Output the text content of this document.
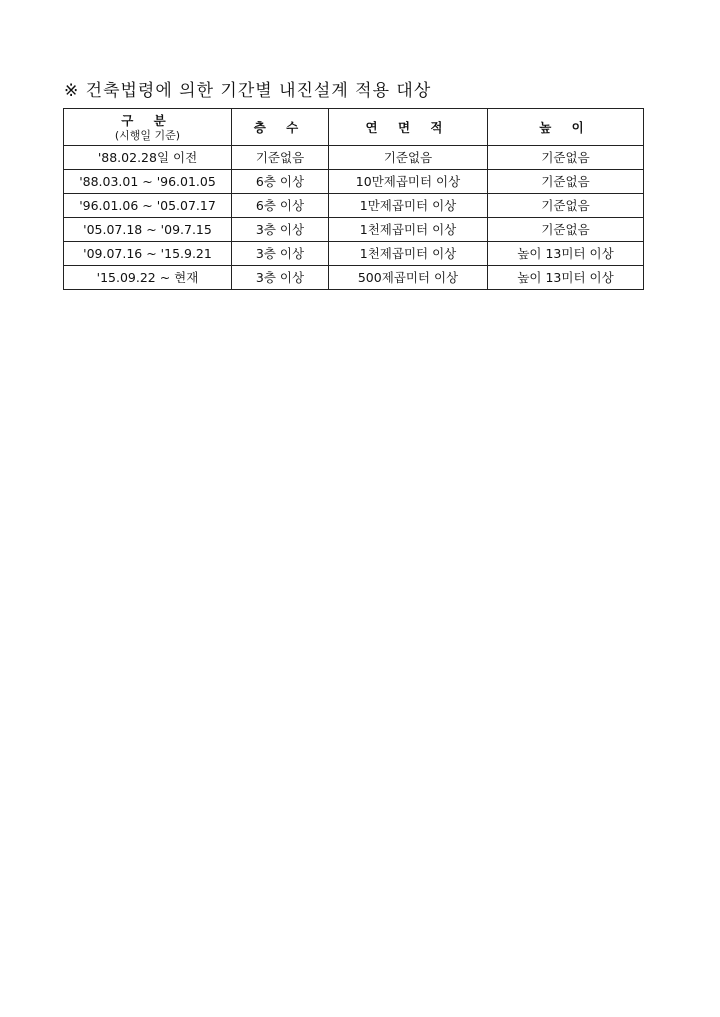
※ 건축법령에 의한 기간별 내진설계 적용 대상
구 분
(시행일 기준)	층 수	연 면 적	높 이
'88.02.28일 이전	기준없음	기준없음	기준없음
'88.03.01 ~ '96.01.05	6층 이상	10만제곱미터 이상	기준없음
'96.01.06 ~ '05.07.17	6층 이상	1만제곱미터 이상	기준없음
'05.07.18 ~ '09.7.15	3층 이상	1천제곱미터 이상	기준없음
'09.07.16 ~ '15.9.21	3층 이상	1천제곱미터 이상	높이 13미터 이상
'15.09.22 ~ 현재	3층 이상	500제곱미터 이상	높이 13미터 이상
